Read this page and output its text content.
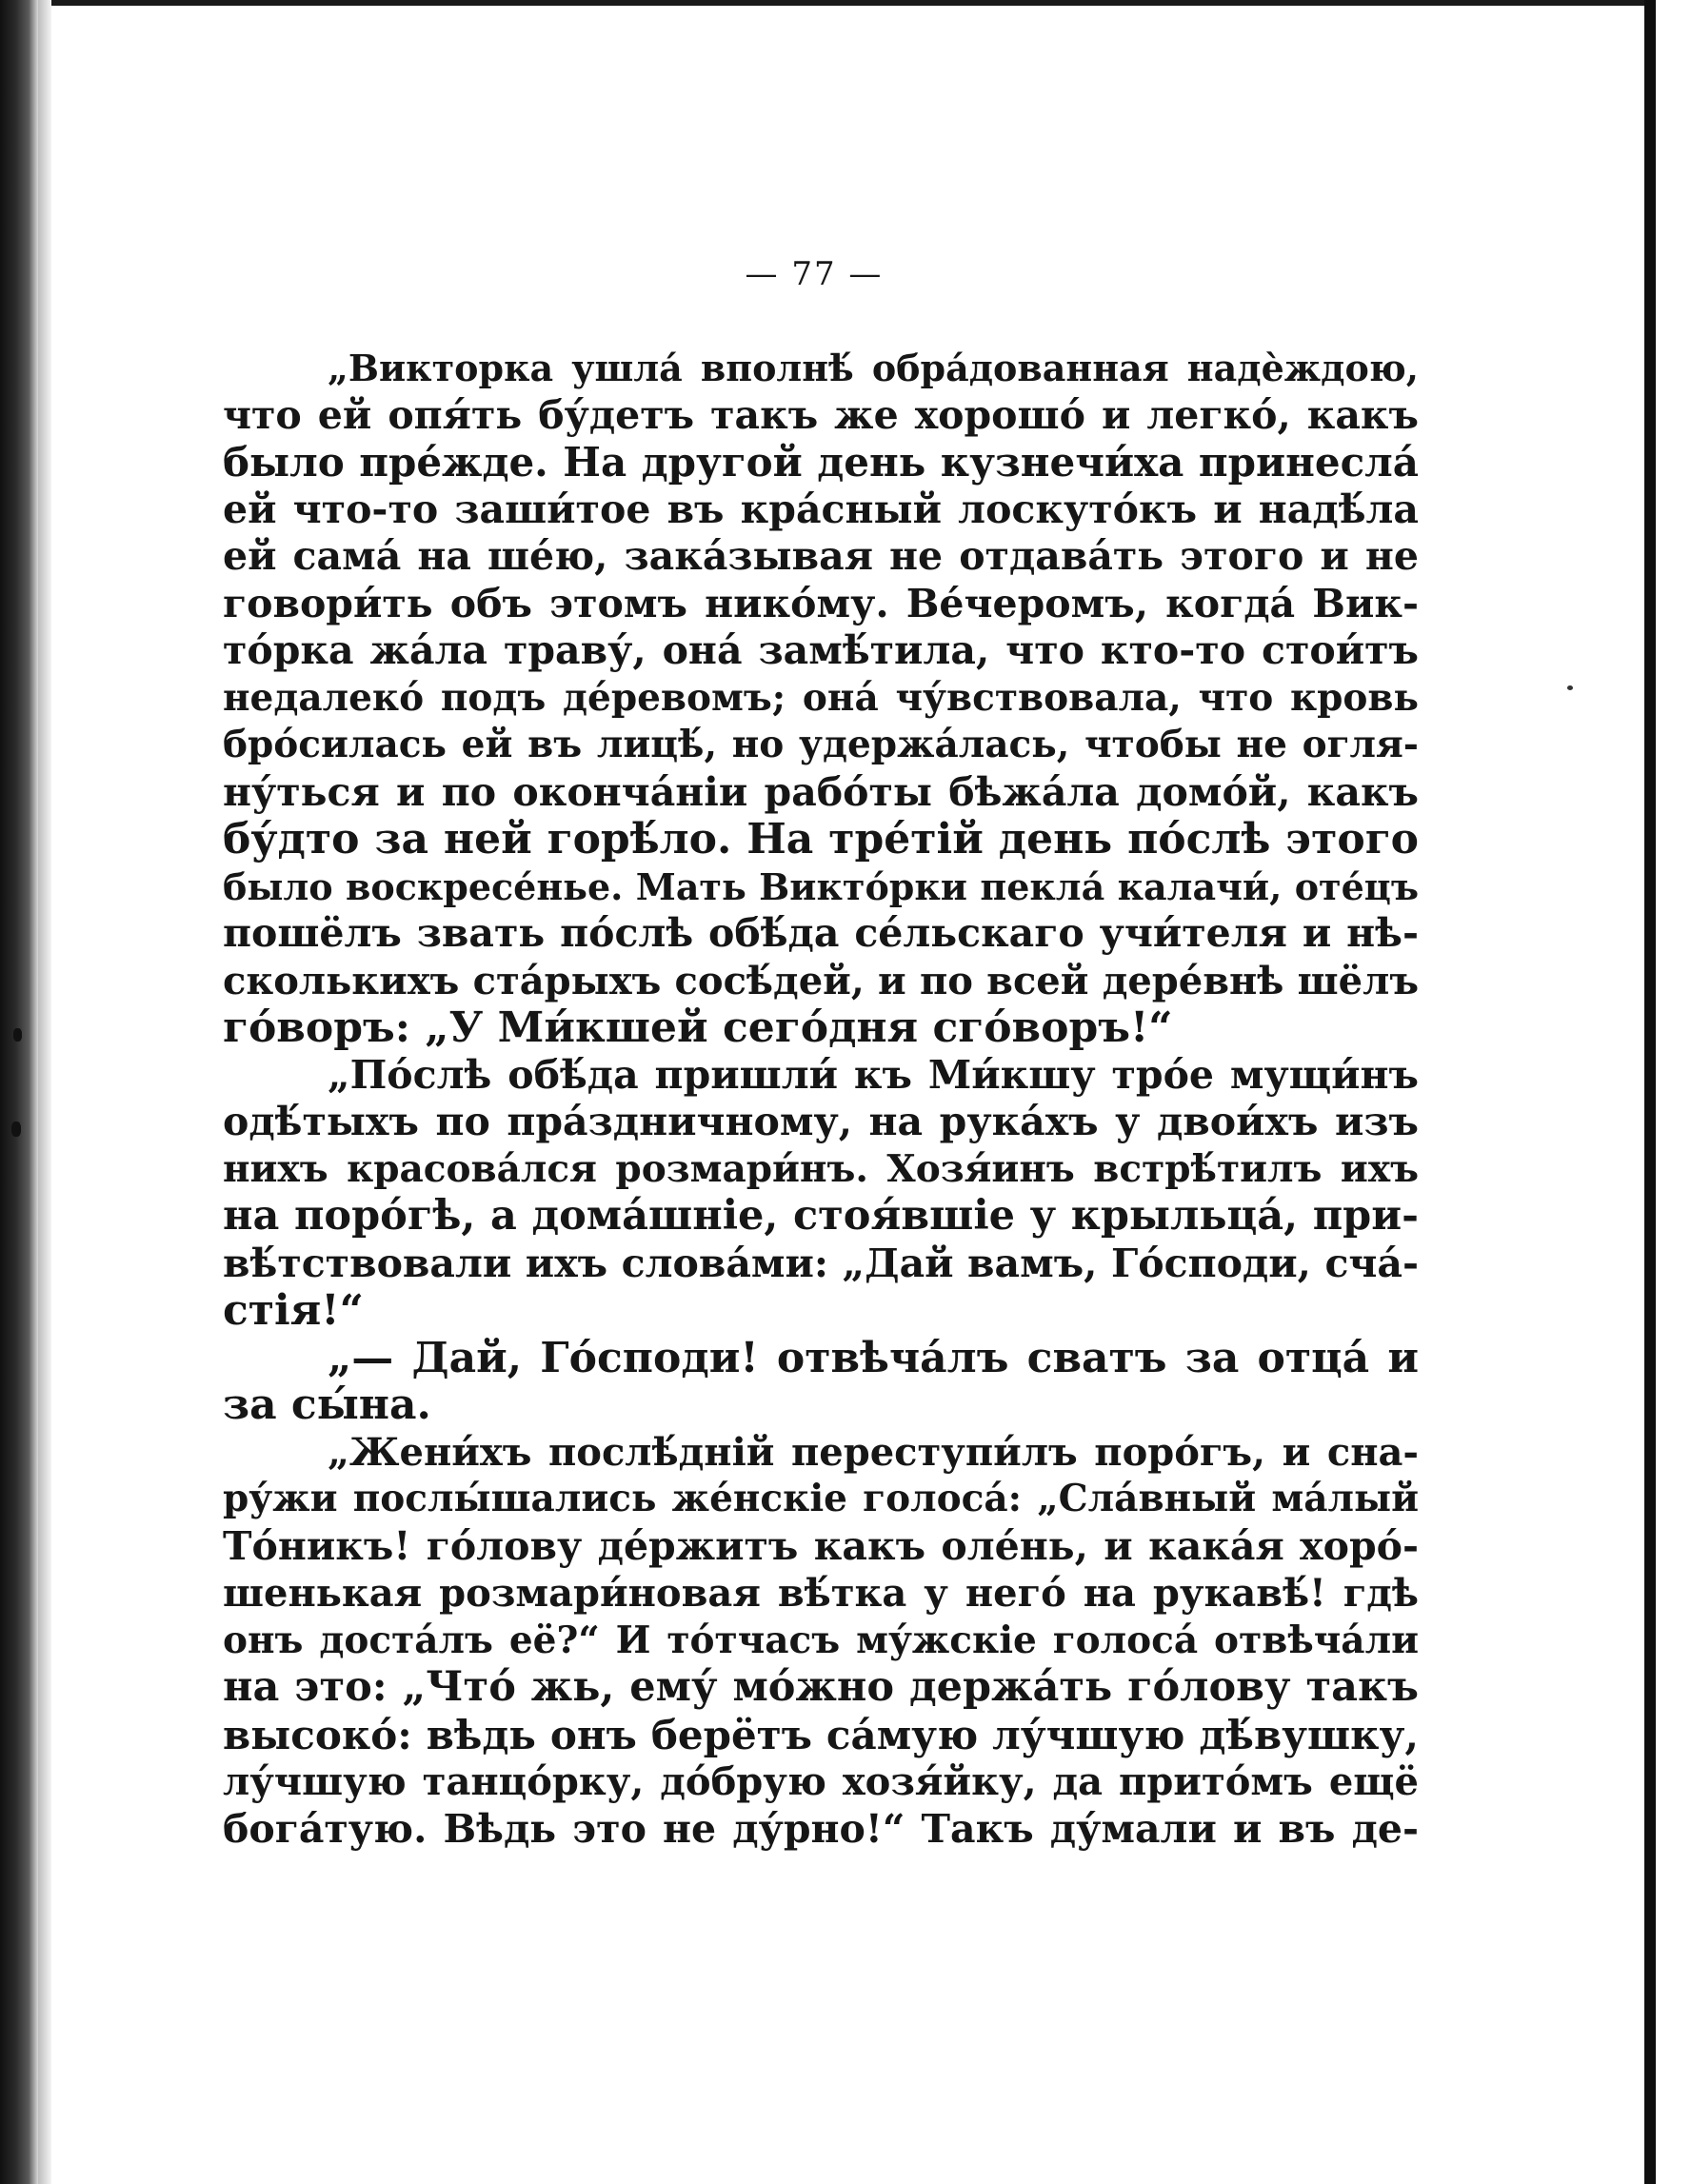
— 77 —
„Викторка ушла́ вполнѣ́ обра́дованная надѐждою,
что ей опя́ть бу́детъ такъ же хорошо́ и легко́, какъ
было пре́жде. На другой день кузнечи́ха принесла́
ей что-то заши́тое въ кра́сный лоскуто́къ и надѣ́ла
ей сама́ на ше́ю, зака́зывая не отдава́ть этого и не
говори́ть объ этомъ нико́му. Ве́черомъ, когда́ Вик-
то́рка жа́ла траву́, она́ замѣ́тила, что кто-то стои́тъ
недалеко́ подъ де́ревомъ; она́ чу́вствовала, что кровь
бро́силась ей въ лицѣ́, но удержа́лась, чтобы не огля-
ну́ться и по оконча́нiи рабо́ты бѣжа́ла домо́й, какъ
бу́дто за ней горѣ́ло. На тре́тiй день по́слѣ этого
было воскресе́нье. Мать Викто́рки пекла́ калачи́, оте́цъ
пошёлъ звать по́слѣ обѣ́да се́льскаго учи́теля и нѣ-
сколькихъ ста́рыхъ сосѣ́дей, и по всей дере́внѣ шёлъ
го́воръ: „У Ми́кшей сего́дня сго́воръ!“
„По́слѣ обѣ́да пришли́ къ Ми́кшу тро́е мущи́нъ
одѣ́тыхъ по пра́здничному, на рука́хъ у двои́хъ изъ
нихъ красова́лся розмари́нъ. Хозя́инъ встрѣ́тилъ ихъ
на поро́гѣ, а дома́шнiе, стоя́вшiе у крыльца́, при-
вѣ́тствовали ихъ слова́ми: „Дай вамъ, Го́споди, сча́-
стiя!“
„— Дай, Го́споди! отвѣча́лъ сватъ за отца́ и
за сы́на.
„Жени́хъ послѣ́днiй переступи́лъ поро́гъ, и сна-
ру́жи послы́шались же́нскiе голоса́: „Сла́вный ма́лый
То́никъ! го́лову де́ржитъ какъ оле́нь, и кака́я хоро́-
шенькая розмари́новая вѣ́тка у него́ на рукавѣ́! гдѣ
онъ доста́лъ её?“ И то́тчасъ му́жскiе голоса́ отвѣча́ли
на это: „Что́ жь, ему́ мо́жно держа́ть го́лову такъ
высоко́: вѣдь онъ берётъ са́мую лу́чшую дѣ́вушку,
лу́чшую танцо́рку, до́брую хозя́йку, да прито́мъ ещё
бога́тую. Вѣдь это не ду́рно!“ Такъ ду́мали и въ де-
